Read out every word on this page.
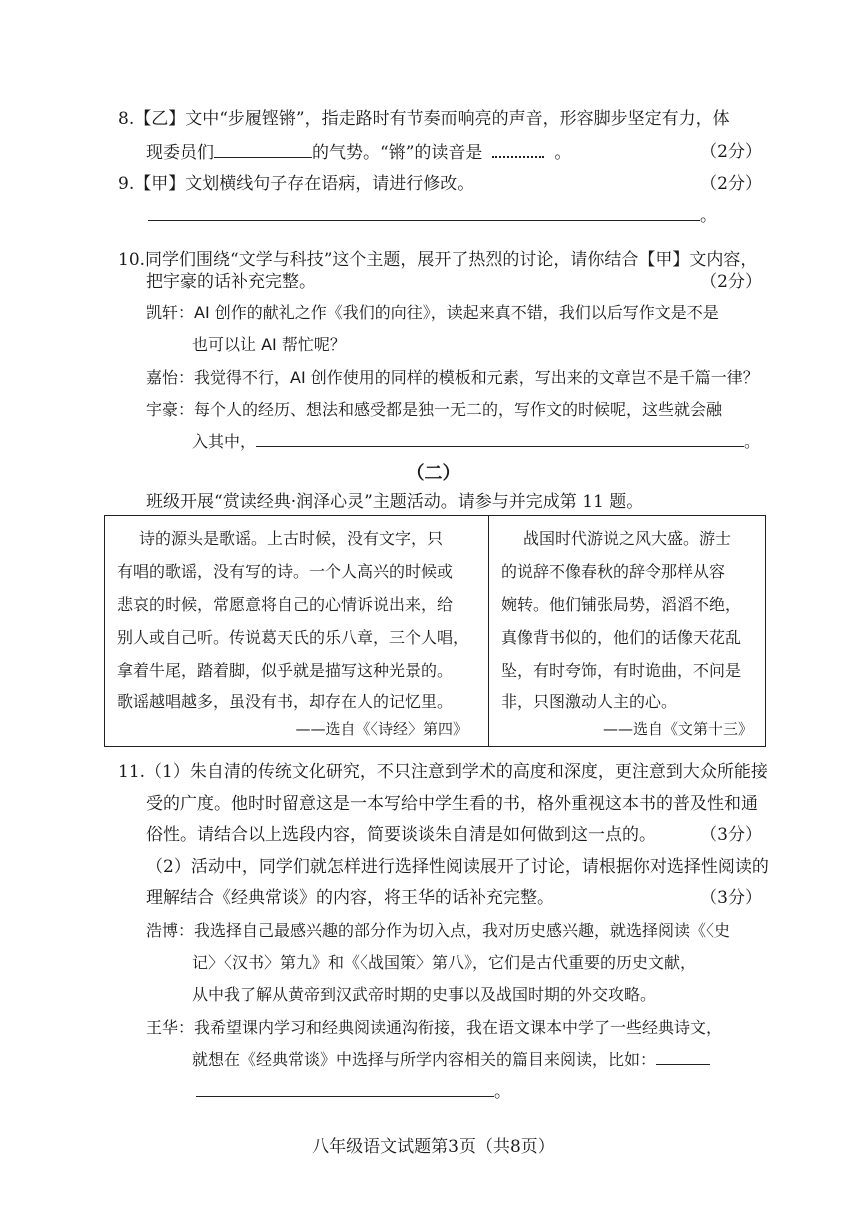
8.【乙】文中“步履铿锵”，指走路时有节奏而响亮的声音，形容脚步坚定有力，体
现委员们	的气势。“锵”的读音是	。	（2分）
9.【甲】文划横线句子存在语病，请进行修改。	（2分）
。
10.同学们围绕“文学与科技”这个主题，展开了热烈的讨论，请你结合【甲】文内容，
把宇豪的话补充完整。	（2分）
凯轩：AI 创作的献礼之作《我们的向往》，读起来真不错，我们以后写作文是不是
也可以让 AI 帮忙呢？
嘉怡：我觉得不行，AI 创作使用的同样的模板和元素，写出来的文章岂不是千篇一律？
宇豪：每个人的经历、想法和感受都是独一无二的，写作文的时候呢，这些就会融
入其中，	。
（二）
班级开展“赏读经典·润泽心灵”主题活动。请参与并完成第 11 题。
诗的源头是歌谣。上古时候，没有文字，只
有唱的歌谣，没有写的诗。一个人高兴的时候或
悲哀的时候，常愿意将自己的心情诉说出来，给
别人或自己听。传说葛天氏的乐八章，三个人唱，
拿着牛尾，踏着脚，似乎就是描写这种光景的。
歌谣越唱越多，虽没有书，却存在人的记忆里。
——选自《〈诗经〉第四》
战国时代游说之风大盛。游士
的说辞不像春秋的辞令那样从容
婉转。他们铺张局势，滔滔不绝，
真像背书似的，他们的话像天花乱
坠，有时夸饰，有时诡曲，不问是
非，只图激动人主的心。
——选自《文第十三》
11.（1）朱自清的传统文化研究，不只注意到学术的高度和深度，更注意到大众所能接
受的广度。他时时留意这是一本写给中学生看的书，格外重视这本书的普及性和通
俗性。请结合以上选段内容，简要谈谈朱自清是如何做到这一点的。	（3分）
（2）活动中，同学们就怎样进行选择性阅读展开了讨论，请根据你对选择性阅读的
理解结合《经典常谈》的内容，将王华的话补充完整。	（3分）
浩博：我选择自己最感兴趣的部分作为切入点，我对历史感兴趣，就选择阅读《〈史
记〉〈汉书〉第九》和《〈战国策〉第八》，它们是古代重要的历史文献，
从中我了解从黄帝到汉武帝时期的史事以及战国时期的外交攻略。
王华：我希望课内学习和经典阅读通沟衔接，我在语文课本中学了一些经典诗文，
就想在《经典常谈》中选择与所学内容相关的篇目来阅读，比如：
。
八年级语文试题第3页（共8页）
